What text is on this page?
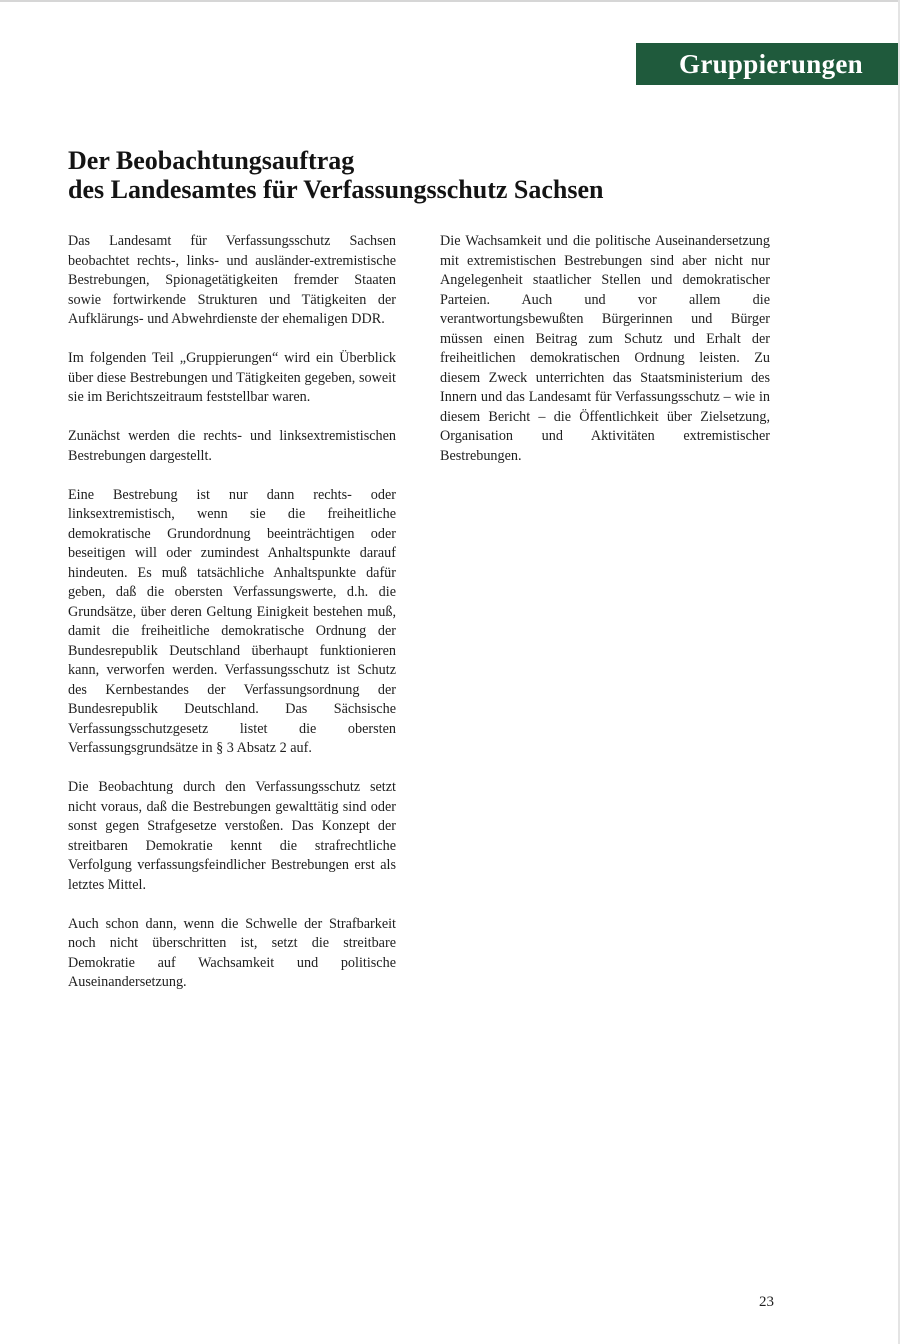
Gruppierungen
Der Beobachtungsauftrag
des Landesamtes für Verfassungsschutz Sachsen

Das Landesamt für Verfassungsschutz Sachsen beobachtet rechts-, links- und ausländer-extremistische Bestrebungen, Spionagetätigkeiten fremder Staaten sowie fortwirkende Strukturen und Tätigkeiten der Aufklärungs- und Abwehrdienste der ehemaligen DDR.

Im folgenden Teil „Gruppierungen“ wird ein Überblick über diese Bestrebungen und Tätigkeiten gegeben, soweit sie im Berichtszeitraum feststellbar waren.

Zunächst werden die rechts- und linksextremistischen Bestrebungen dargestellt.

Eine Bestrebung ist nur dann rechts- oder linksextremistisch, wenn sie die freiheitliche demokratische Grundordnung beeinträchtigen oder beseitigen will oder zumindest Anhaltspunkte darauf hindeuten. Es muß tatsächliche Anhaltspunkte dafür geben, daß die obersten Verfassungswerte, d.h. die Grundsätze, über deren Geltung Einigkeit bestehen muß, damit die freiheitliche demokratische Ordnung der Bundesrepublik Deutschland überhaupt funktionieren kann, verworfen werden. Verfassungsschutz ist Schutz des Kernbestandes der Verfassungsordnung der Bundesrepublik Deutschland. Das Sächsische Verfassungsschutzgesetz listet die obersten Verfassungsgrundsätze in § 3 Absatz 2 auf.

Die Beobachtung durch den Verfassungsschutz setzt nicht voraus, daß die Bestrebungen gewalttätig sind oder sonst gegen Strafgesetze verstoßen. Das Konzept der streitbaren Demokratie kennt die strafrechtliche Verfolgung verfassungsfeindlicher Bestrebungen erst als letztes Mittel.

Auch schon dann, wenn die Schwelle der Strafbarkeit noch nicht überschritten ist, setzt die streitbare Demokratie auf Wachsamkeit und politische Auseinandersetzung.

Die Wachsamkeit und die politische Auseinandersetzung mit extremistischen Bestrebungen sind aber nicht nur Angelegenheit staatlicher Stellen und demokratischer Parteien. Auch und vor allem die verantwortungsbewußten Bürgerinnen und Bürger müssen einen Beitrag zum Schutz und Erhalt der freiheitlichen demokratischen Ordnung leisten. Zu diesem Zweck unterrichten das Staatsministerium des Innern und das Landesamt für Verfassungsschutz – wie in diesem Bericht – die Öffentlichkeit über Zielsetzung, Organisation und Aktivitäten extremistischer Bestrebungen.

23
